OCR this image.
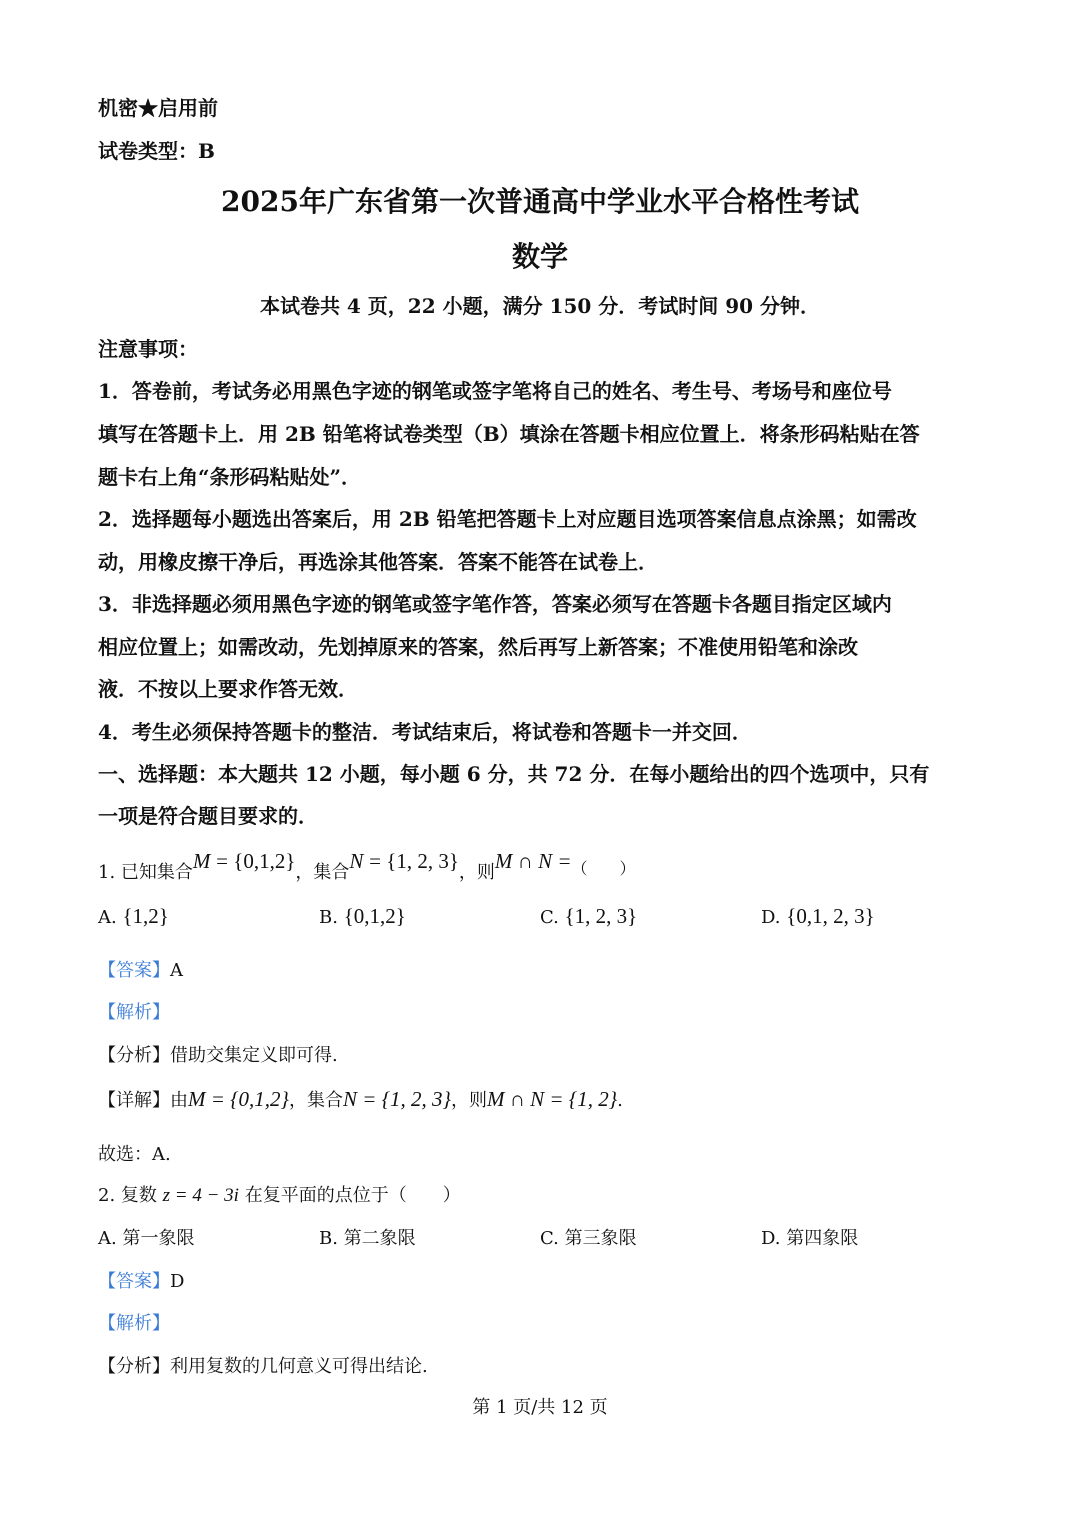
机密★启用前
试卷类型：B
2025年广东省第一次普通高中学业水平合格性考试
数学
本试卷共 4 页，22 小题，满分 150 分．考试时间 90 分钟．
注意事项：
1．答卷前，考试务必用黑色字迹的钢笔或签字笔将自己的姓名、考生号、考场号和座位号
填写在答题卡上．用 2B 铅笔将试卷类型（B）填涂在答题卡相应位置上．将条形码粘贴在答
题卡右上角“条形码粘贴处”．
2．选择题每小题选出答案后，用 2B 铅笔把答题卡上对应题目选项答案信息点涂黑；如需改
动，用橡皮擦干净后，再选涂其他答案．答案不能答在试卷上．
3．非选择题必须用黑色字迹的钢笔或签字笔作答，答案必须写在答题卡各题目指定区域内
相应位置上；如需改动，先划掉原来的答案，然后再写上新答案；不准使用铅笔和涂改
液．不按以上要求作答无效．
4．考生必须保持答题卡的整洁．考试结束后，将试卷和答题卡一并交回．
一、选择题：本大题共 12 小题，每小题 6 分，共 72 分．在每小题给出的四个选项中，只有
一项是符合题目要求的．
1. 已知集合M = {0,1,2}，集合N = {1, 2, 3}，则M ∩ N =（　　）
A. {1,2}	B. {0,1,2}	C. {1, 2, 3}	D. {0,1, 2, 3}
【答案】A
【解析】
【分析】借助交集定义即可得.
【详解】由M = {0,1,2}，集合N = {1, 2, 3}，则M ∩ N = {1, 2}.
故选：A.
2. 复数 z = 4 − 3i 在复平面的点位于（　　）
A. 第一象限	B. 第二象限	C. 第三象限	D. 第四象限
【答案】D
【解析】
【分析】利用复数的几何意义可得出结论.
第 1 页/共 12 页
